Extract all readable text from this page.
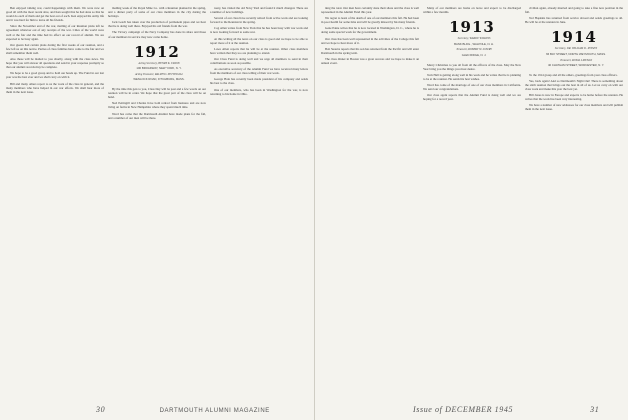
Ben enjoyed talking war, could happenings with them. We were now on good all with the most recent sitre, and Ken sought that he had done so that he would do each of them and get the best out of each. Ken enjoyed his Army life and it was hard for him to leave all his friends.

Since the November end of the war, mailing of our Reunion plans left no agreement whatever out of any receipts of the war. Cities of the world were well at the fair and the time had its affect on our record of alumni. We are expected to be busy again.

Our guests had certain plans during the first weeks of our reunion, and a few left us on this notice. Parties of class families have come to the fair and we shall remember them well.

Also these will be mailed to you shortly, along with the class news. We hope that you will answer all questions and send in your response promptly so that our alumni records may be complete.

We hope to be a good group and to hold our heads up. The Fund in our last year was the best ever and we shall carry on with it.

Bill and many others report to us the work of the class in general, and the many members who have helped in our war efforts. We shall hear more of them in the next issue.

mailing week of the Royal Mine Co. with a Reunion planned in the spring, and a dinner party of some of our class members in the city during the holidays.

Jack Leach has taken over the production of permanent pipes and we hear that he is doing well there. Enjoyed his old friends from the war.

The Victory campaign of the Navy Company has done its share and those of our members in service may now come home.

1912

Acting Secretary, HENRY K. URION

100 BROADWAY, NEW YORK, N. Y.

Acting Treasurer, RALPH D. PETTINGILL

WENLOCK ROAD, FITCHBURG, MASS.

By the time this gets to you, Class Day will be past and a few words on our reunion will be in order. We hope that the great part of the class will be on hand.

Ned Pettingill and Charles have both retired from business and are now living on farms in New Hampshire where they spend much time.

Word has come that the Dartmouth Alumni have made plans for the fall, and a number of our men will be there.

ruary, has visited the old Navy Yard and found it much changed. There are a number of new buildings.

Several of our class have recently retired from active work and are looking forward to the Reunion in the spring.

Cog Allen writes from New York that he has been busy with war work and is now looking forward to some rest.

At this writing all the news on our class is good and we hope to be able to report more of it at the reunion.

Lowe Allen reports that he will be at the reunion. Other class members have written that they too are planning to attend.

Our Class Fund is doing well and we urge all members to send in their contributions as soon as possible.

As executive secretary of the Alumni Fund we have received many letters from the members of our class telling of their war work.

George Hale has recently been made president of his company and sends his best to the class.

One of our members, who has been in Washington for the war, is now returning to his home in Ohio.

30	DARTMOUTH ALUMNI MAGAZINE

ning the total. Our men have certainly done their share and the class is well represented in the Alumni Fund this year.

We regret to learn of the death of one of our members this fall. He had been in poor health for some time and will be greatly missed by his many friends.

Gene Paine writes that he is now located in Washington, D. C., where he is doing some special work for the government.

Our class has been well represented in the activities of the College this fall and we hope to hear more of it.

Bob Stearns reports that his son has returned from the Pacific and will enter Dartmouth in the spring term.

The class dinner in Boston was a great success and we hope to make it an annual event.

Many of our members are home on leave and expect to be discharged within a few months.

1913

Secretary, WARDE WILKINS

BANK BLDG., WALPOLE, N. H.

Treasurer, ROBERT W. LOWRY

GLEN RIDGE, N. J.

Merry Christmas to you all from all the officers of the class. May the New Year bring you the things you most desire.

Tom Hall is getting along well in his work and he writes that he is planning to be at the reunion. He sends his best wishes.

Word has come of the marriage of one of our class members in California. We send our congratulations.

Our class agent reports that the Alumni Fund is doing well and we are hoping for a record year.

civilian again, already married and going to take a fine new position in the fall.

Ted Hopkins has returned from service abroad and sends greetings to all. He will be at the reunion in June.

1914

Secretary, DR. WILLIAM D. JENSEN

66 BAY STREET, NORTH WEYMOUTH, MASS.

Treasurer, ROYAL LINDSAY

40 CHATHAM STREET, WORCESTER, N. Y.

To the 1914 group and all the others, greetings from your class officers.

Yes, back again! And so Dartmouth's Night Out! There is something about the sixth reunion that brings out the best in all of us. Let us carry on with our class work and make this year the best yet.

Bill Jones is now in Europe and expects to be home before the reunion. He writes that the work has been very interesting.

We have a number of new addresses for our class members and will publish them in the next issue.

Issue of DECEMBER 1945	31
